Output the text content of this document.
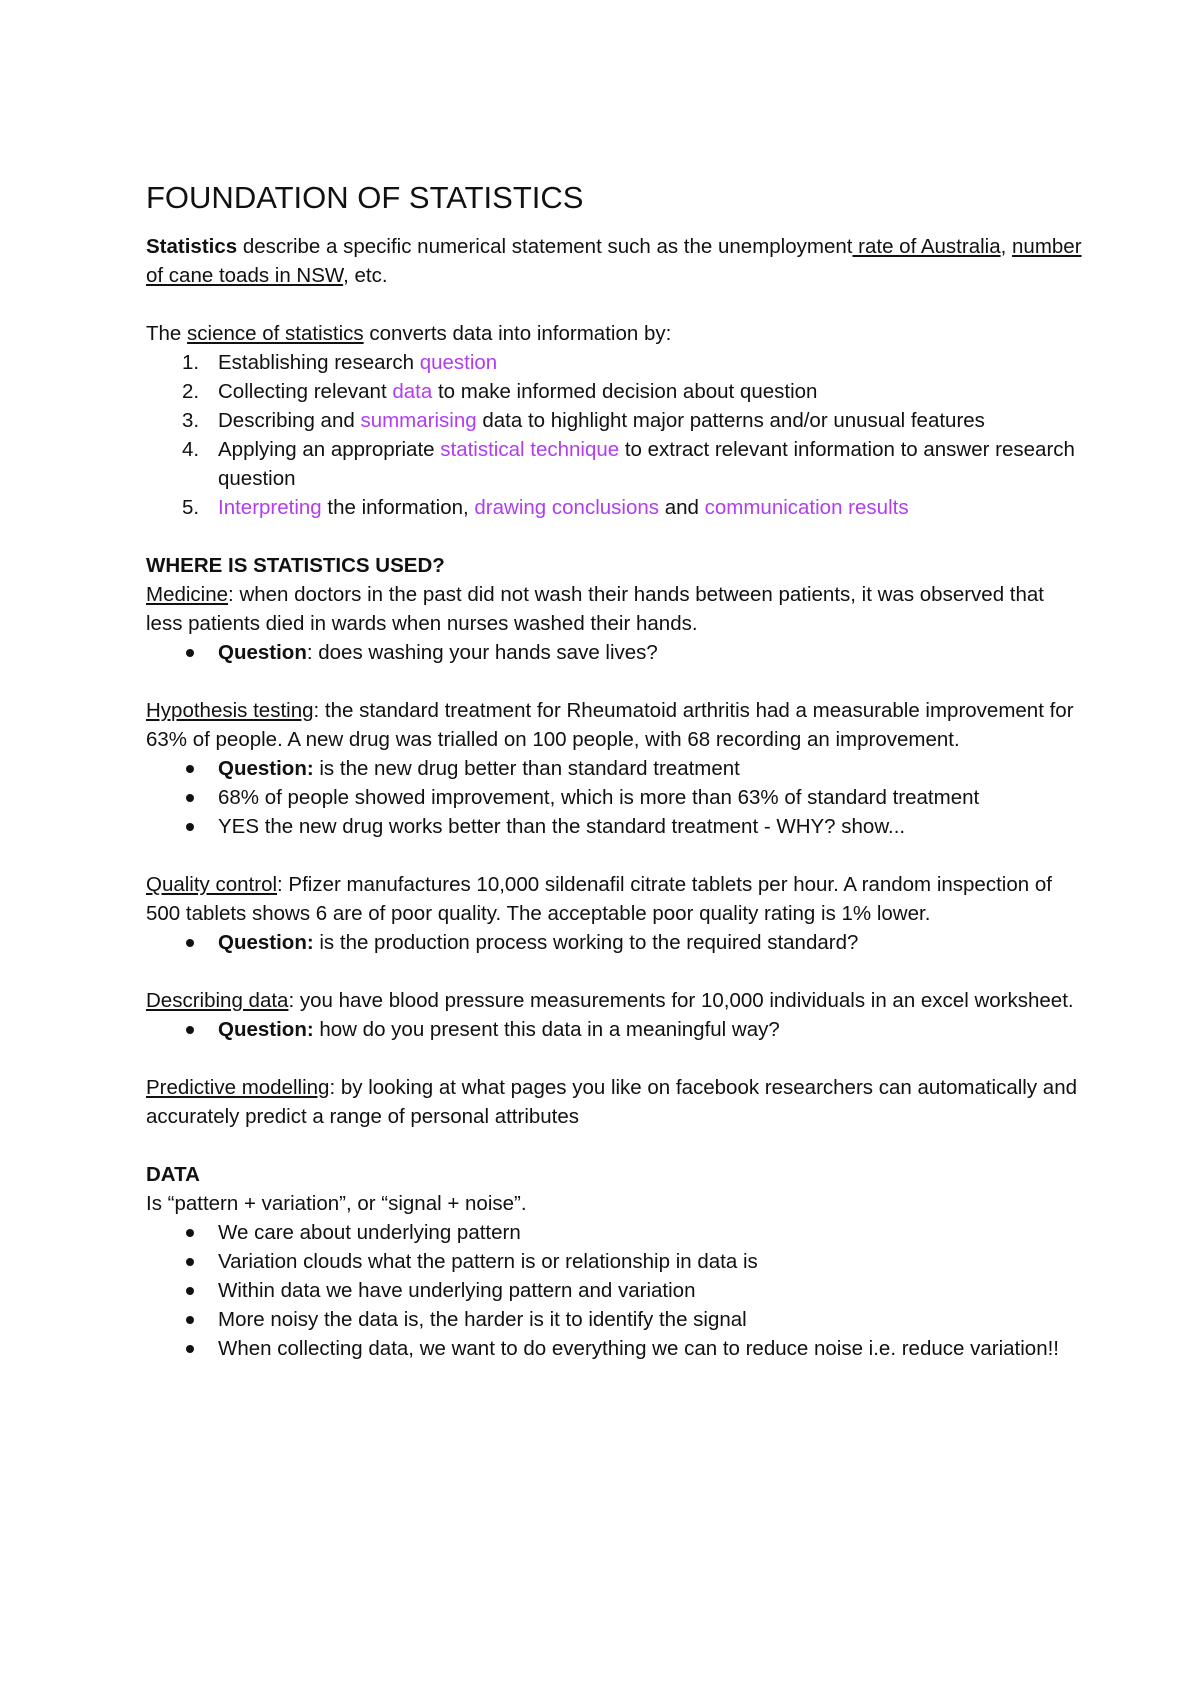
FOUNDATION OF STATISTICS

Statistics describe a specific numerical statement such as the unemployment rate of Australia, number of cane toads in NSW, etc.

The science of statistics converts data into information by:

1. Establishing research question
2. Collecting relevant data to make informed decision about question
3. Describing and summarising data to highlight major patterns and/or unusual features
4. Applying an appropriate statistical technique to extract relevant information to answer research question
5. Interpreting the information, drawing conclusions and communication results

WHERE IS STATISTICS USED?

Medicine: when doctors in the past did not wash their hands between patients, it was observed that less patients died in wards when nurses washed their hands.

Question: does washing your hands save lives?

Hypothesis testing: the standard treatment for Rheumatoid arthritis had a measurable improvement for 63% of people. A new drug was trialled on 100 people, with 68 recording an improvement.

Question: is the new drug better than standard treatment
68% of people showed improvement, which is more than 63% of standard treatment
YES the new drug works better than the standard treatment - WHY? show...

Quality control: Pfizer manufactures 10,000 sildenafil citrate tablets per hour. A random inspection of 500 tablets shows 6 are of poor quality. The acceptable poor quality rating is 1% lower.

Question: is the production process working to the required standard?

Describing data: you have blood pressure measurements for 10,000 individuals in an excel worksheet.

Question: how do you present this data in a meaningful way?

Predictive modelling: by looking at what pages you like on facebook researchers can automatically and accurately predict a range of personal attributes

DATA

Is “pattern + variation”, or “signal + noise”.

We care about underlying pattern
Variation clouds what the pattern is or relationship in data is
Within data we have underlying pattern and variation
More noisy the data is, the harder is it to identify the signal
When collecting data, we want to do everything we can to reduce noise i.e. reduce variation!!
